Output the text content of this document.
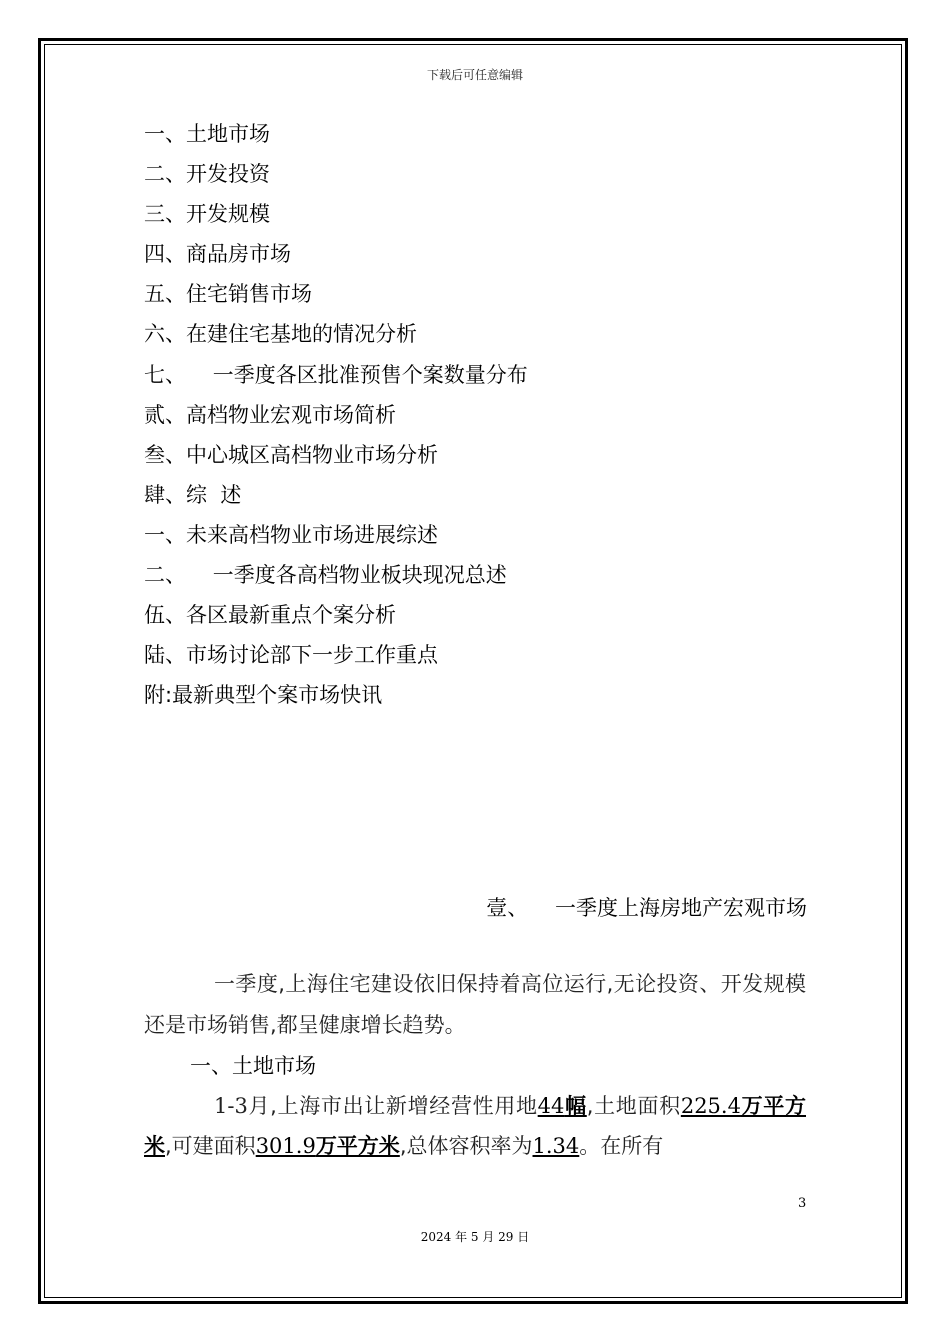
下载后可任意编辑
一、土地市场
二、开发投资
三、开发规模
四、商品房市场
五、住宅销售市场
六、在建住宅基地的情况分析
七、    一季度各区批准预售个案数量分布
贰、高档物业宏观市场简析
叁、中心城区高档物业市场分析
肆、综  述
一、未来高档物业市场进展综述
二、    一季度各高档物业板块现况总述
伍、各区最新重点个案分析
陆、市场讨论部下一步工作重点
附:最新典型个案市场快讯
壹、    一季度上海房地产宏观市场

一季度,上海住宅建设依旧保持着高位运行,无论投资、开发规模还是市场销售,都呈健康增长趋势。

一、土地市场

1-3月,上海市出让新增经营性用地44幅,土地面积225.4万平方米,可建面积301.9万平方米,总体容积率为1.34。在所有

3
2024 年 5 月 29 日
